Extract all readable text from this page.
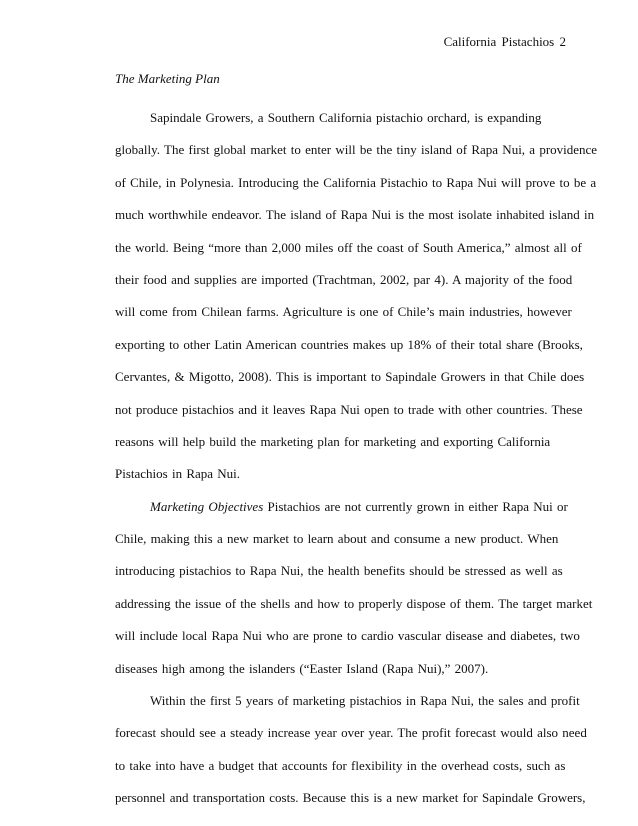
California Pistachios 2
The Marketing Plan
Sapindale Growers, a Southern California pistachio orchard, is expanding
globally. The first global market to enter will be the tiny island of Rapa Nui, a providence
of Chile, in Polynesia. Introducing the California Pistachio to Rapa Nui will prove to be a
much worthwhile endeavor. The island of Rapa Nui is the most isolate inhabited island in
the world. Being “more than 2,000 miles off the coast of South America,” almost all of
their food and supplies are imported (Trachtman, 2002, par 4). A majority of the food
will come from Chilean farms. Agriculture is one of Chile’s main industries, however
exporting to other Latin American countries makes up 18% of their total share (Brooks,
Cervantes, & Migotto, 2008). This is important to Sapindale Growers in that Chile does
not produce pistachios and it leaves Rapa Nui open to trade with other countries. These
reasons will help build the marketing plan for marketing and exporting California
Pistachios in Rapa Nui.
Marketing Objectives Pistachios are not currently grown in either Rapa Nui or
Chile, making this a new market to learn about and consume a new product. When
introducing pistachios to Rapa Nui, the health benefits should be stressed as well as
addressing the issue of the shells and how to properly dispose of them. The target market
will include local Rapa Nui who are prone to cardio vascular disease and diabetes, two
diseases high among the islanders (“Easter Island (Rapa Nui),” 2007).
Within the first 5 years of marketing pistachios in Rapa Nui, the sales and profit
forecast should see a steady increase year over year. The profit forecast would also need
to take into have a budget that accounts for flexibility in the overhead costs, such as
personnel and transportation costs. Because this is a new market for Sapindale Growers,
